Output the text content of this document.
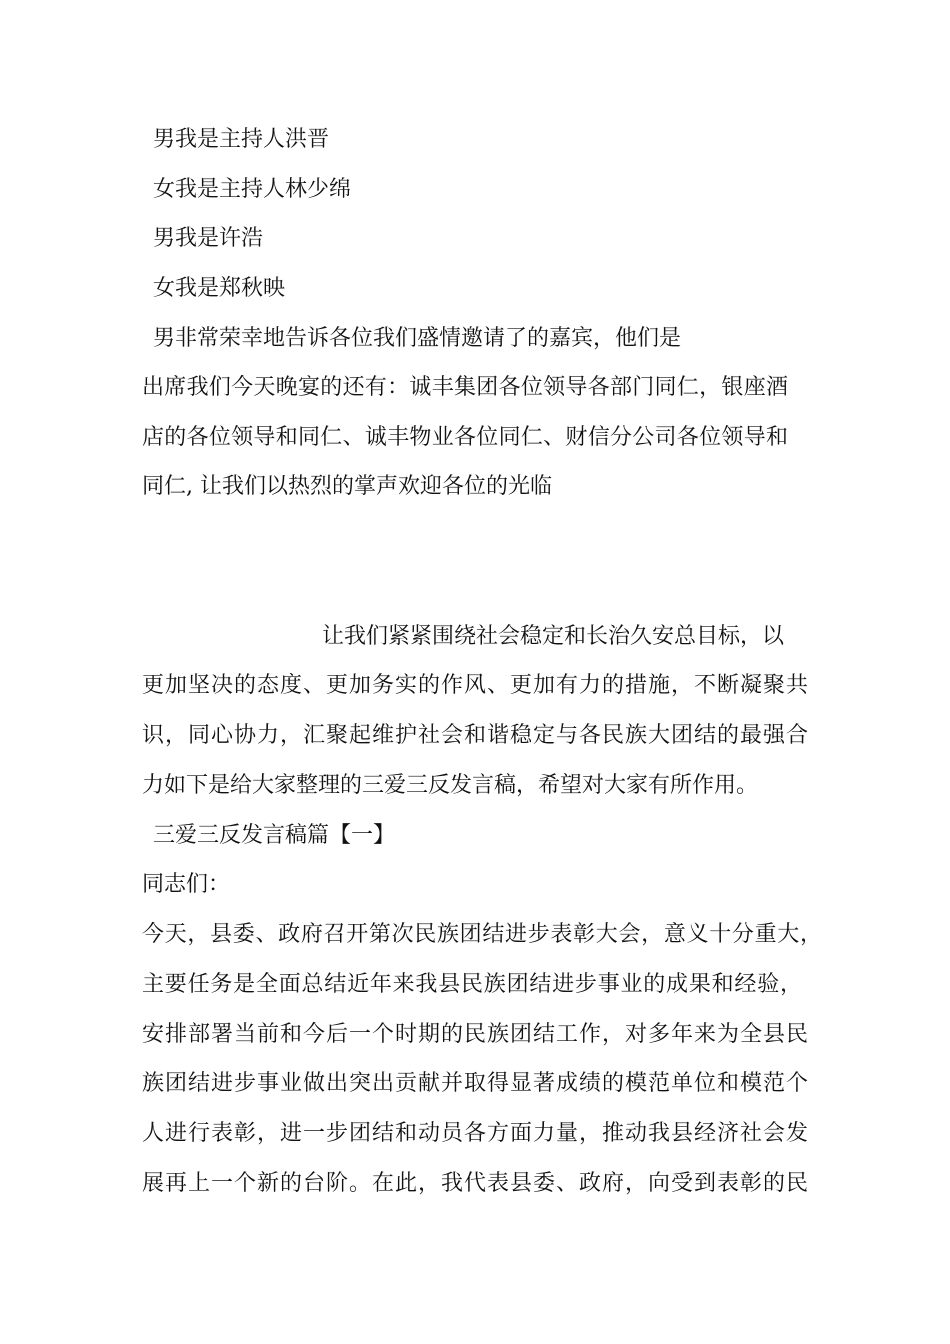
男我是主持人洪晋
女我是主持人林少绵
男我是许浩
女我是郑秋映
男非常荣幸地告诉各位我们盛情邀请了的嘉宾，他们是
出席我们今天晚宴的还有：诚丰集团各位领导各部门同仁，银座酒
店的各位领导和同仁、诚丰物业各位同仁、财信分公司各位领导和
同仁, 让我们以热烈的掌声欢迎各位的光临
让我们紧紧围绕社会稳定和长治久安总目标，以
更加坚决的态度、更加务实的作风、更加有力的措施，不断凝聚共
识，同心协力，汇聚起维护社会和谐稳定与各民族大团结的最强合
力如下是给大家整理的三爱三反发言稿，希望对大家有所作用。
三爱三反发言稿篇【一】
同志们：
今天，县委、政府召开第次民族团结进步表彰大会，意义十分重大，
主要任务是全面总结近年来我县民族团结进步事业的成果和经验，
安排部署当前和今后一个时期的民族团结工作，对多年来为全县民
族团结进步事业做出突出贡献并取得显著成绩的模范单位和模范个
人进行表彰，进一步团结和动员各方面力量，推动我县经济社会发
展再上一个新的台阶。在此，我代表县委、政府，向受到表彰的民
